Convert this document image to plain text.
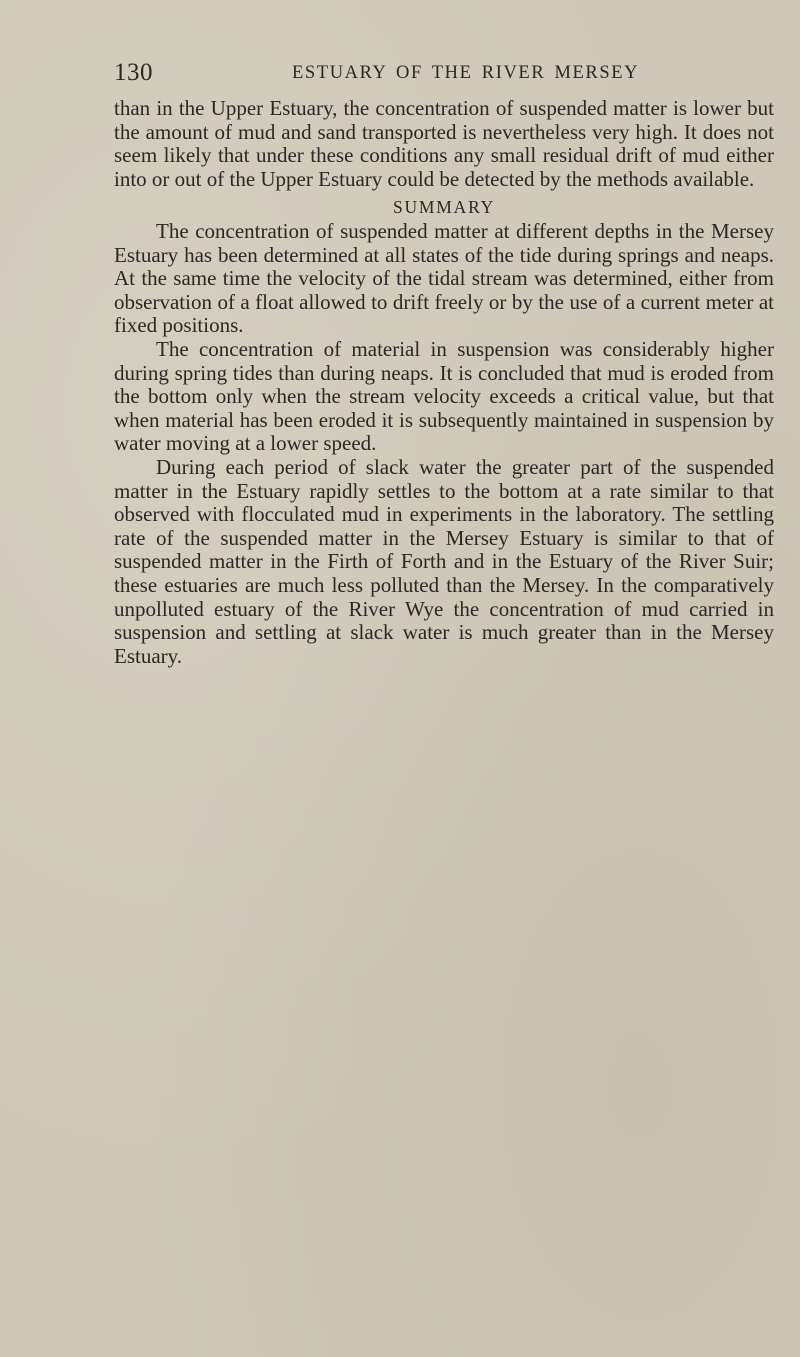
130	ESTUARY OF THE RIVER MERSEY

than in the Upper Estuary, the concentration of suspended matter is lower but the amount of mud and sand transported is nevertheless very high. It does not seem likely that under these conditions any small residual drift of mud either into or out of the Upper Estuary could be detected by the methods available.

SUMMARY

The concentration of suspended matter at different depths in the Mersey Estuary has been determined at all states of the tide during springs and neaps. At the same time the velocity of the tidal stream was determined, either from observation of a float allowed to drift freely or by the use of a current meter at fixed positions.

The concentration of material in suspension was considerably higher during spring tides than during neaps. It is concluded that mud is eroded from the bottom only when the stream velocity exceeds a critical value, but that when material has been eroded it is subsequently maintained in suspension by water moving at a lower speed.

During each period of slack water the greater part of the suspended matter in the Estuary rapidly settles to the bottom at a rate similar to that observed with flocculated mud in experiments in the laboratory. The settling rate of the suspended matter in the Mersey Estuary is similar to that of suspended matter in the Firth of Forth and in the Estuary of the River Suir; these estuaries are much less polluted than the Mersey. In the comparatively unpolluted estuary of the River Wye the concentration of mud carried in suspension and settling at slack water is much greater than in the Mersey Estuary.
